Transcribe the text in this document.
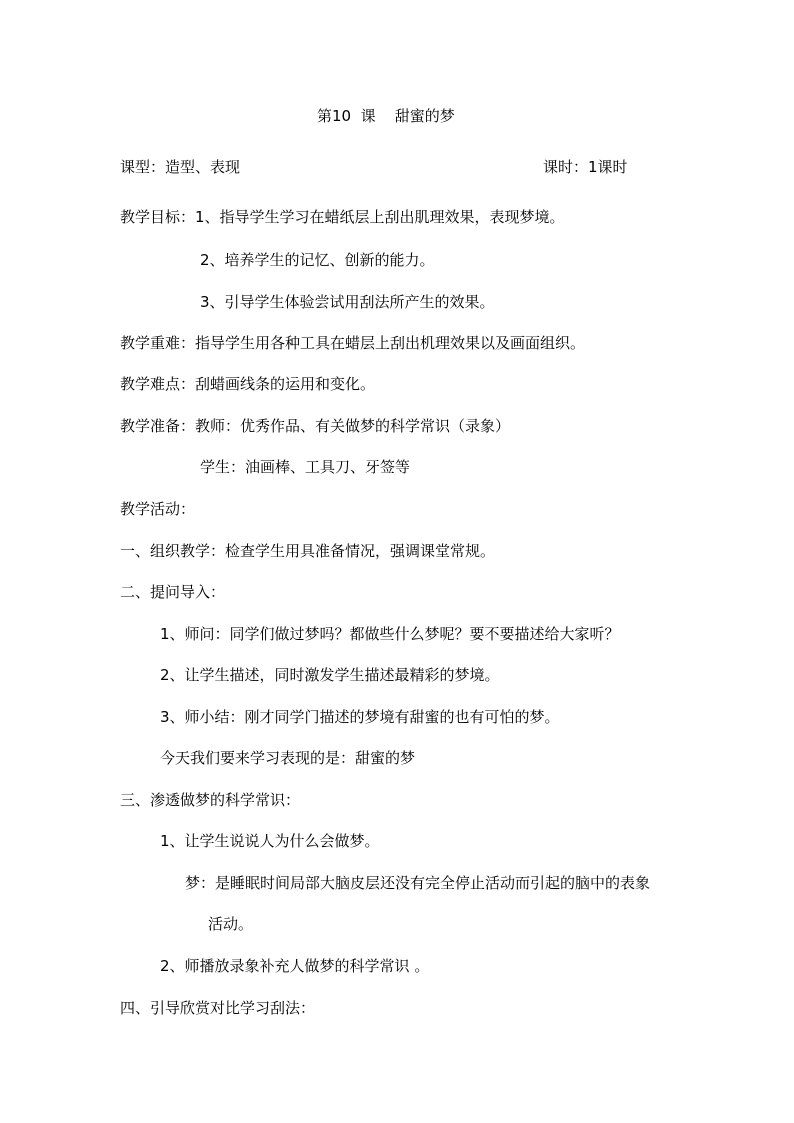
第10  课    甜蜜的梦
课型：造型、表现	课时：1课时
教学目标：1、指导学生学习在蜡纸层上刮出肌理效果，表现梦境。
2、培养学生的记忆、创新的能力。
3、引导学生体验尝试用刮法所产生的效果。
教学重难：指导学生用各种工具在蜡层上刮出机理效果以及画面组织。
教学难点：刮蜡画线条的运用和变化。
教学准备：教师：优秀作品、有关做梦的科学常识（录象）
学生：油画棒、工具刀、牙签等
教学活动：
一、组织教学：检查学生用具准备情况，强调课堂常规。
二、提问导入：
1、师问：同学们做过梦吗？都做些什么梦呢？要不要描述给大家听？
2、让学生描述，同时激发学生描述最精彩的梦境。
3、师小结：刚才同学门描述的梦境有甜蜜的也有可怕的梦。
今天我们要来学习表现的是：甜蜜的梦
三、渗透做梦的科学常识：
1、让学生说说人为什么会做梦。
梦：是睡眠时间局部大脑皮层还没有完全停止活动而引起的脑中的表象
活动。
2、师播放录象补充人做梦的科学常识 。
四、引导欣赏对比学习刮法：
